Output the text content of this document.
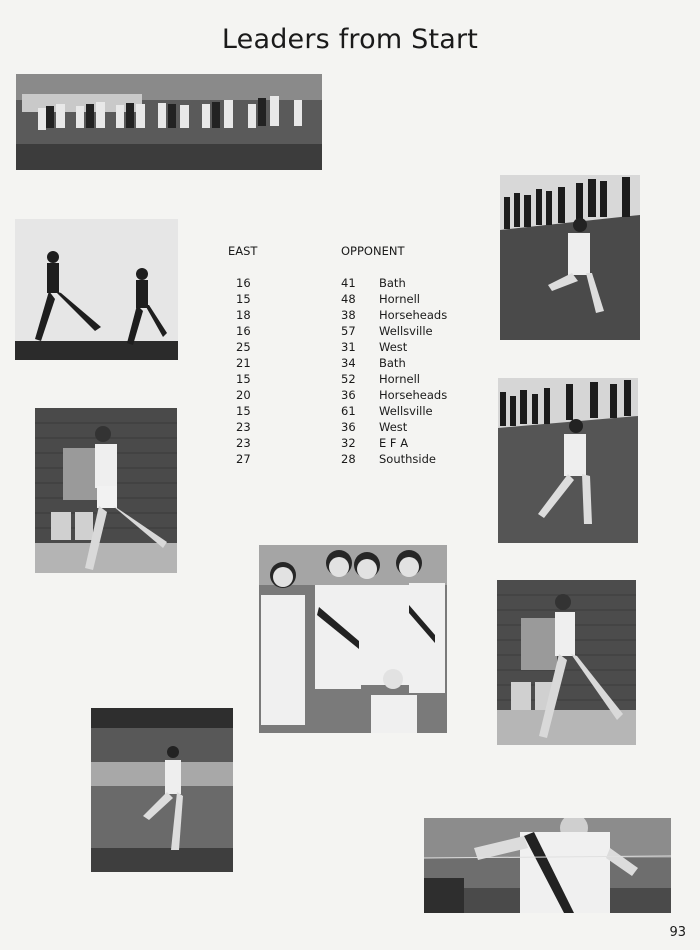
Leaders from Start
EAST	OPPONENT
16	41 Bath
15	48 Hornell
18	38 Horseheads
16	57 Wellsville
25	31 West
21	34 Bath
15	52 Hornell
20	36 Horseheads
15	61 Wellsville
23	36 West
23	32 E F A
27	28 Southside
93
